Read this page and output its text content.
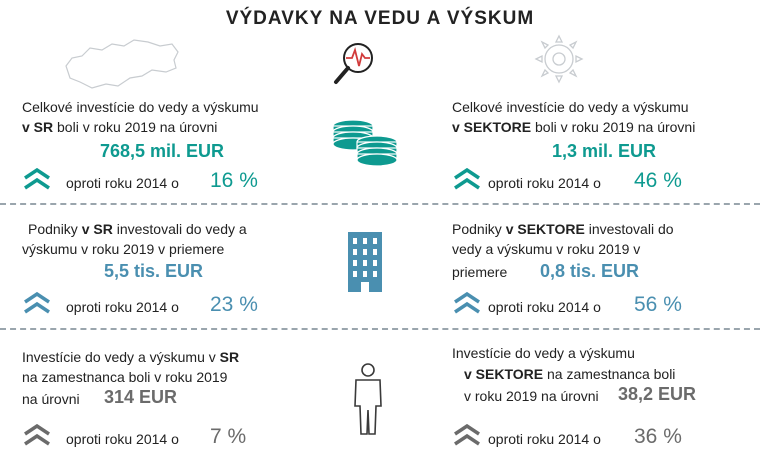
VÝDAVKY NA VEDU A VÝSKUM
Celkové investície do vedy a výskumu
v SR boli v roku 2019 na úrovni
768,5 mil. EUR
oproti roku 2014 o 16 %
Celkové investície do vedy a výskumu
v SEKTORE boli v roku 2019 na úrovni
1,3 mil. EUR
oproti roku 2014 o 46 %
Podniky v SR investovali do vedy a
výskumu v roku 2019 v priemere
5,5 tis. EUR
oproti roku 2014 o 23 %
Podniky v SEKTORE investovali do
vedy a výskumu v roku 2019 v
priemere 0,8 tis. EUR
oproti roku 2014 o 56 %
Investície do vedy a výskumu v SR
na zamestnanca boli v roku 2019
na úrovni 314 EUR
oproti roku 2014 o 7 %
Investície do vedy a výskumu
v SEKTORE na zamestnanca boli
v roku 2019 na úrovni 38,2 EUR
oproti roku 2014 o 36 %
